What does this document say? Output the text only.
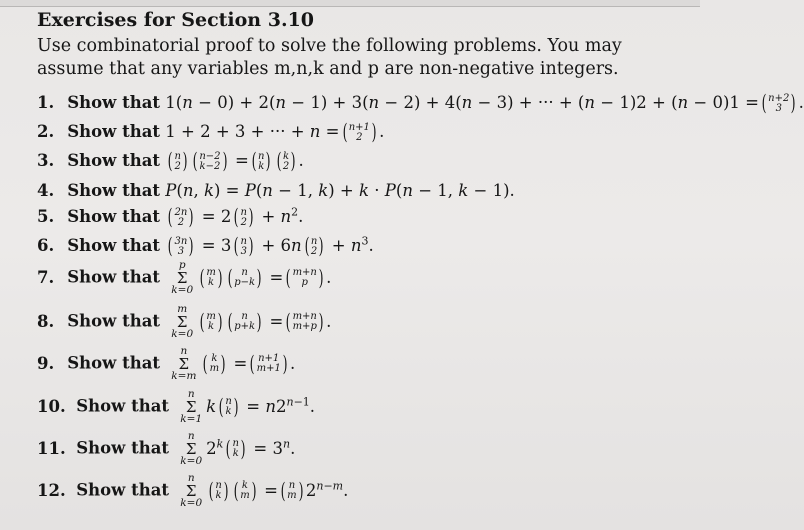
Exercises for Section 3.10
Use combinatorial proof to solve the following problems. You may assume that any variables m,n,k and p are non-negative integers.
1. Show that 1(n − 0) + 2(n − 1) + 3(n − 2) + 4(n − 3) + ··· + (n − 1)2 + (n − 0)1 = ( n+2
3 ) .
2. Show that 1 + 2 + 3 + ··· + n = ( n+1
2 ) .
3. Show that ( n
2 ) ( n−2
k−2 ) = ( n
k ) ( k
2 ) .
4. Show that P(n, k) = P(n − 1, k) + k · P(n − 1, k − 1).
5. Show that ( 2n
2 ) = 2 ( n
2 ) + $n^2$.
6. Show that ( 3n
3 ) = 3 ( n
3 ) + 6n ( n
2 ) + $n^3$.
7. Show that
p
Σ
k=0
( m
k ) ( n
p−k ) = ( m+n
p ) .
8. Show that
m
Σ
k=0
( m
k ) ( n
p+k ) = ( m+n
m+p ) .
9. Show that
n
Σ
k=m
( k
m ) = ( n+1
m+1 ) .
10. Show that
n
Σ
k=1
k ( n
k ) = $n2^{n-1}$.
11. Show that
n
Σ
k=0
2$^k$ ( n
k ) = $3^n$.
12. Show that
n
Σ
k=0
( n
k ) ( k
m ) = ( n
m ) $2^{n-m}$.
